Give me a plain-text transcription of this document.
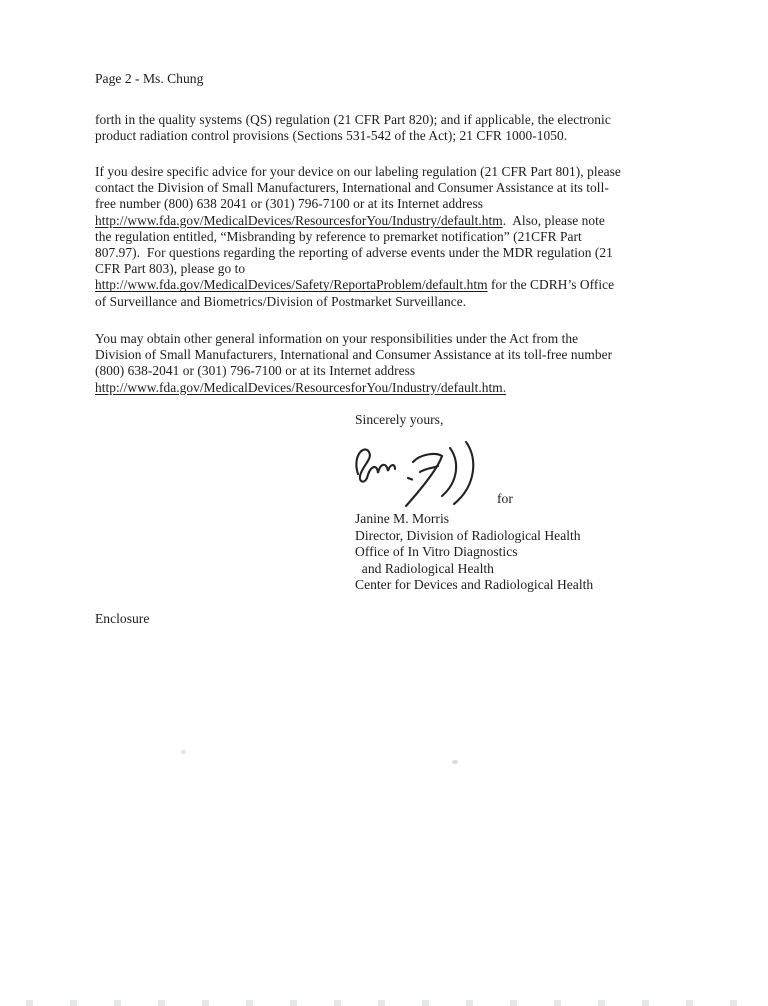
Page 2 - Ms. Chung
forth in the quality systems (QS) regulation (21 CFR Part 820); and if applicable, the electronic
product radiation control provisions (Sections 531-542 of the Act); 21 CFR 1000-1050.
If you desire specific advice for your device on our labeling regulation (21 CFR Part 801), please
contact the Division of Small Manufacturers, International and Consumer Assistance at its toll-
free number (800) 638 2041 or (301) 796-7100 or at its Internet address
http://www.fda.gov/MedicalDevices/ResourcesforYou/Industry/default.htm.  Also, please note
the regulation entitled, “Misbranding by reference to premarket notification” (21CFR Part
807.97).  For questions regarding the reporting of adverse events under the MDR regulation (21
CFR Part 803), please go to
http://www.fda.gov/MedicalDevices/Safety/ReportaProblem/default.htm for the CDRH’s Office
of Surveillance and Biometrics/Division of Postmarket Surveillance.
You may obtain other general information on your responsibilities under the Act from the
Division of Small Manufacturers, International and Consumer Assistance at its toll-free number
(800) 638-2041 or (301) 796-7100 or at its Internet address
http://www.fda.gov/MedicalDevices/ResourcesforYou/Industry/default.htm.
Sincerely yours,
for
Janine M. Morris
Director, Division of Radiological Health
Office of In Vitro Diagnostics
and Radiological Health
Center for Devices and Radiological Health
Enclosure
